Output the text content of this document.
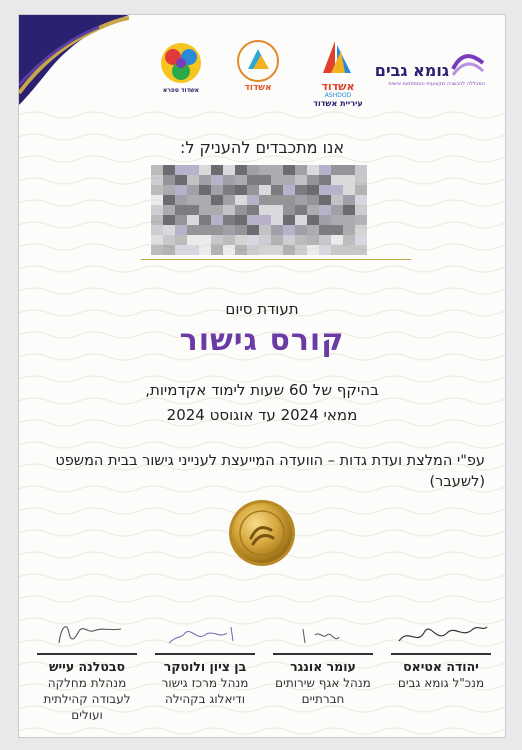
אשדוד ספרא	אשדוד	אשדוד
ASHDOD
עיריית אשדוד
גומא גבים
המכללה להכשרה מקצועית והתפתחות אישית
אנו מתכבדים להעניק ל:
תעודת סיום
קורס גישור
בהיקף של 60 שעות לימוד אקדמיות,
ממאי 2024 עד אוגוסט 2024
עפ"י המלצת ועדת גדות – הוועדה המייעצת לענייני גישור בבית המשפט (לשעבר)
יהודה אטיאס
מנכ"ל גומא גבים
עומר אונגר
מנהל אגף שירותים חברתיים
בן ציון ולוטקר
מנהל מרכז גישור ודיאלוג בקהילה
סבטלנה עייש
מנהלת מחלקה לעבודה קהילתית ועולים
